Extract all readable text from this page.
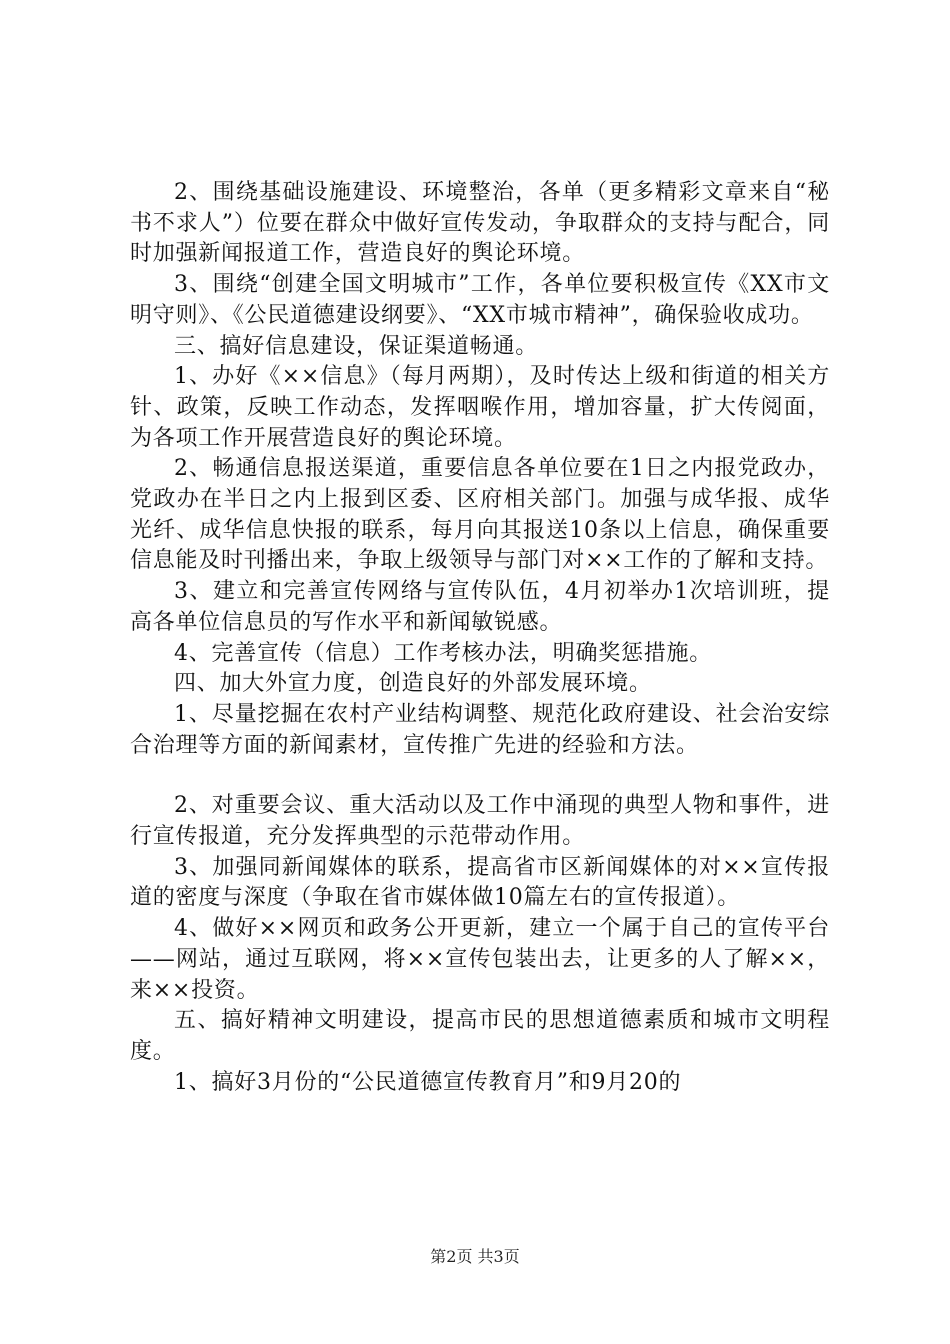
2、围绕基础设施建设、环境整治，各单（更多精彩文章来自“秘书不求人”）位要在群众中做好宣传发动，争取群众的支持与配合，同时加强新闻报道工作，营造良好的舆论环境。

3、围绕“创建全国文明城市”工作，各单位要积极宣传《XX市文明守则》、《公民道德建设纲要》、“XX市城市精神”，确保验收成功。

三、搞好信息建设，保证渠道畅通。

1、办好《××信息》（每月两期），及时传达上级和街道的相关方针、政策，反映工作动态，发挥咽喉作用，增加容量，扩大传阅面，为各项工作开展营造良好的舆论环境。

2、畅通信息报送渠道，重要信息各单位要在1日之内报党政办，党政办在半日之内上报到区委、区府相关部门。加强与成华报、成华光纤、成华信息快报的联系，每月向其报送10条以上信息，确保重要信息能及时刊播出来，争取上级领导与部门对××工作的了解和支持。

3、建立和完善宣传网络与宣传队伍，4月初举办1次培训班，提高各单位信息员的写作水平和新闻敏锐感。

4、完善宣传（信息）工作考核办法，明确奖惩措施。

四、加大外宣力度，创造良好的外部发展环境。

1、尽量挖掘在农村产业结构调整、规范化政府建设、社会治安综合治理等方面的新闻素材，宣传推广先进的经验和方法。

2、对重要会议、重大活动以及工作中涌现的典型人物和事件，进行宣传报道，充分发挥典型的示范带动作用。

3、加强同新闻媒体的联系，提高省市区新闻媒体的对××宣传报道的密度与深度（争取在省市媒体做10篇左右的宣传报道）。

4、做好××网页和政务公开更新，建立一个属于自己的宣传平台——网站，通过互联网，将××宣传包装出去，让更多的人了解××，来××投资。

五、搞好精神文明建设，提高市民的思想道德素质和城市文明程度。

1、搞好3月份的“公民道德宣传教育月”和9月20的

第2页 共3页
